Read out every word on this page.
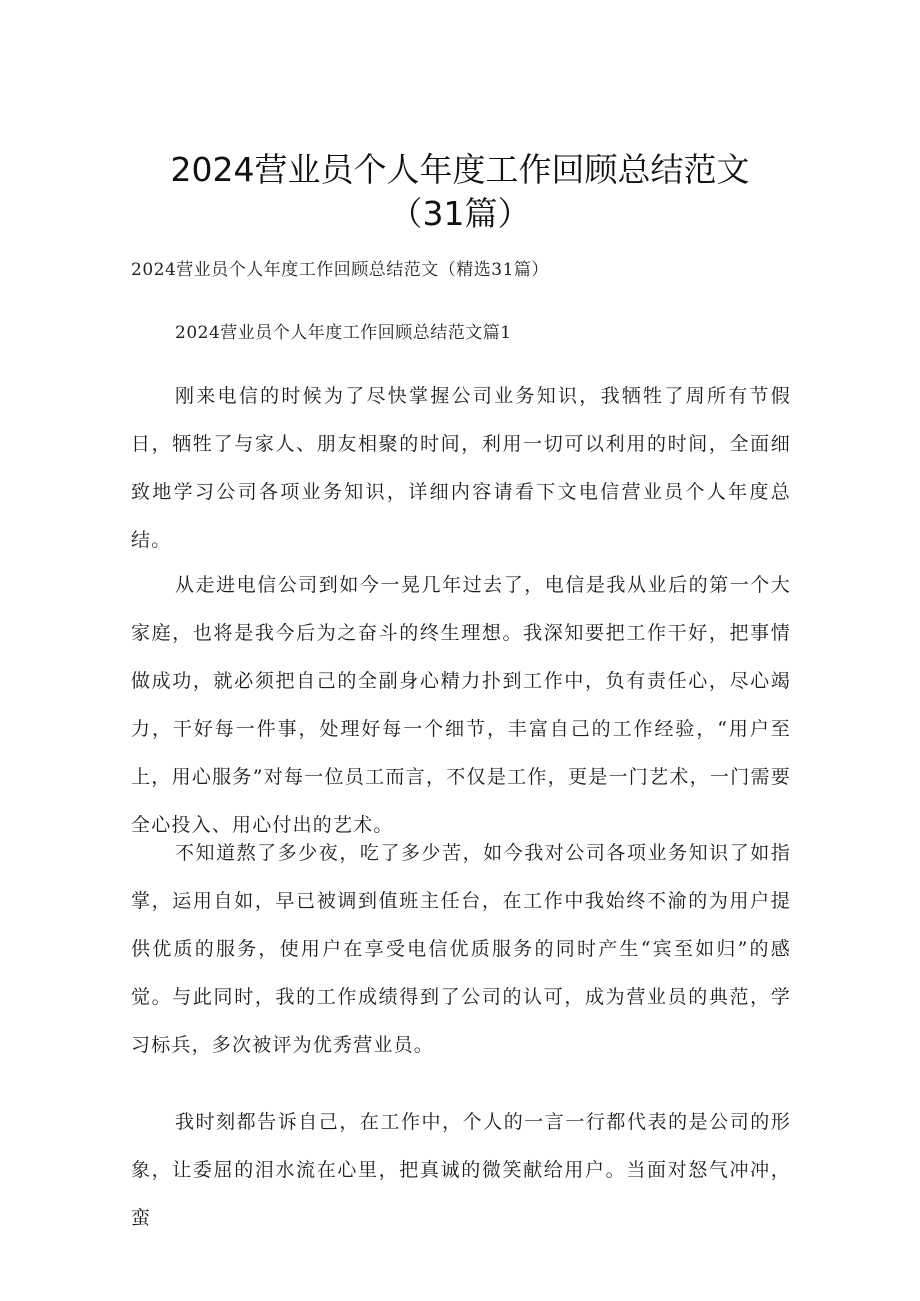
2024营业员个人年度工作回顾总结范文
（31篇）
2024营业员个人年度工作回顾总结范文（精选31篇）
2024营业员个人年度工作回顾总结范文篇1

刚来电信的时候为了尽快掌握公司业务知识，我牺牲了周所有节假日，牺牲了与家人、朋友相聚的时间，利用一切可以利用的时间，全面细致地学习公司各项业务知识，详细内容请看下文电信营业员个人年度总结。

从走进电信公司到如今一晃几年过去了，电信是我从业后的第一个大家庭，也将是我今后为之奋斗的终生理想。我深知要把工作干好，把事情做成功，就必须把自己的全副身心精力扑到工作中，负有责任心，尽心竭力，干好每一件事，处理好每一个细节，丰富自己的工作经验，“用户至上，用心服务”对每一位员工而言，不仅是工作，更是一门艺术，一门需要全心投入、用心付出的艺术。

不知道熬了多少夜，吃了多少苦，如今我对公司各项业务知识了如指掌，运用自如，早已被调到值班主任台，在工作中我始终不渝的为用户提供优质的服务，使用户在享受电信优质服务的同时产生“宾至如归”的感觉。与此同时，我的工作成绩得到了公司的认可，成为营业员的典范，学习标兵，多次被评为优秀营业员。

我时刻都告诉自己，在工作中，个人的一言一行都代表的是公司的形象，让委屈的泪水流在心里，把真诚的微笑献给用户。当面对怒气冲冲，蛮
